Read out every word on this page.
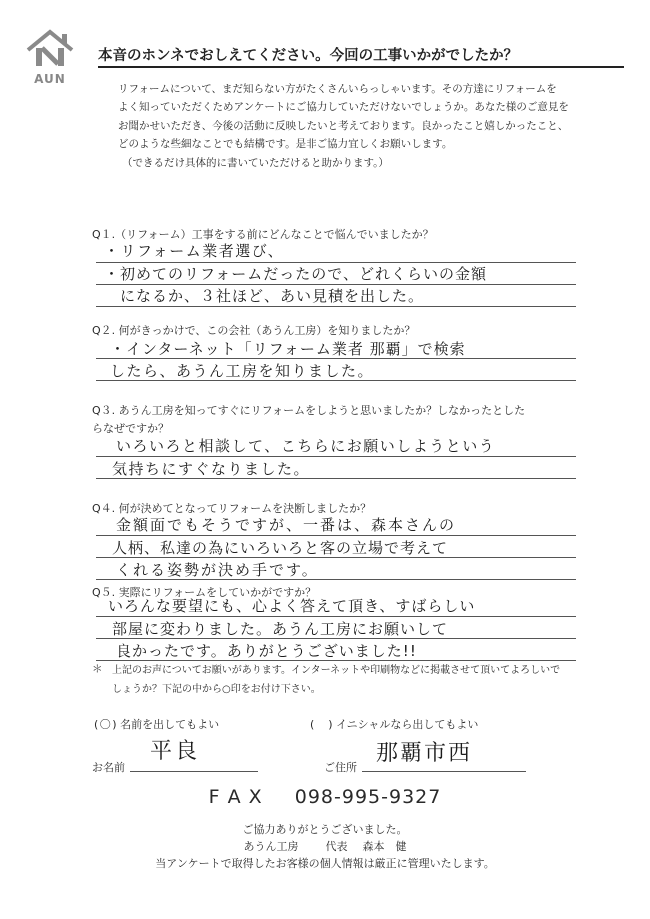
AUN
本音のホンネでおしえてください。今回の工事いかがでしたか？
リフォームについて、まだ知らない方がたくさんいらっしゃいます。その方達にリフォームを
よく知っていただくためアンケートにご協力していただけないでしょうか。あなた様のご意見を
お聞かせいただき、今後の活動に反映したいと考えております。良かったこと嬉しかったこと、
どのような些細なことでも結構です。是非ご協力宜しくお願いします。
（できるだけ具体的に書いていただけると助かります。）
Q１.（リフォーム）工事をする前にどんなことで悩んでいましたか？
・リフォーム業者選び、
・初めてのリフォームだったので、どれくらいの金額
になるか、３社ほど、あい見積を出した。
Q２. 何がきっかけで、この会社（あうん工房）を知りましたか？
・インターネット「リフォーム業者 那覇」で検索
したら、あうん工房を知りました。
Q３. あうん工房を知ってすぐにリフォームをしようと思いましたか？しなかったとした
らなぜですか？
いろいろと相談して、こちらにお願いしようという
気持ちにすぐなりました。
Q４. 何が決めてとなってリフォームを決断しましたか？
金額面でもそうですが、一番は、森本さんの
人柄、私達の為にいろいろと客の立場で考えて
くれる姿勢が決め手です。
Q５. 実際にリフォームをしていかがですか？
いろんな要望にも、心よく答えて頂き、すばらしい
部屋に変わりました。あうん工房にお願いして
良かったです。ありがとうございました!!
＊ 上記のお声についてお願いがあります。インターネットや印刷物などに掲載させて頂いてよろしいで
しょうか？下記の中から○印をお付け下さい。
( 〇 ) 名前を出してもよい	( ) イニシャルなら出してもよい
お名前
平良
ご住所
那覇市西
F A X 098-995-9327
ご協力ありがとうございました。
あうん工房 代表 森本　健
当アンケートで取得したお客様の個人情報は厳正に管理いたします。
